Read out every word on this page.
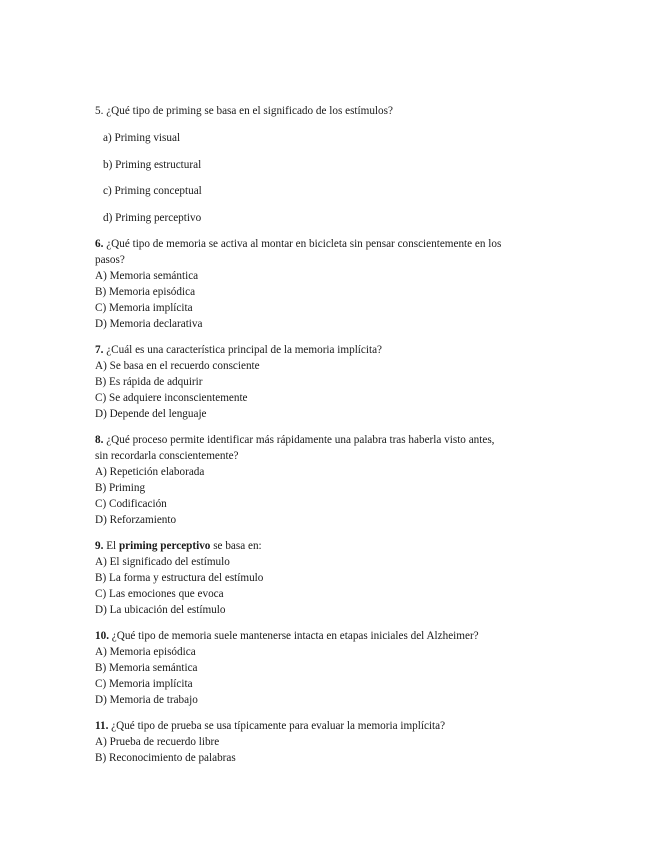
5. ¿Qué tipo de priming se basa en el significado de los estímulos?

a) Priming visual
b) Priming estructural
c) Priming conceptual
d) Priming perceptivo

6. ¿Qué tipo de memoria se activa al montar en bicicleta sin pensar conscientemente en los

pasos?

A) Memoria semántica

B) Memoria episódica

C) Memoria implícita

D) Memoria declarativa

7. ¿Cuál es una característica principal de la memoria implícita?

A) Se basa en el recuerdo consciente

B) Es rápida de adquirir

C) Se adquiere inconscientemente

D) Depende del lenguaje

8. ¿Qué proceso permite identificar más rápidamente una palabra tras haberla visto antes,

sin recordarla conscientemente?

A) Repetición elaborada

B) Priming

C) Codificación

D) Reforzamiento

9. El priming perceptivo se basa en:

A) El significado del estímulo

B) La forma y estructura del estímulo

C) Las emociones que evoca

D) La ubicación del estímulo

10. ¿Qué tipo de memoria suele mantenerse intacta en etapas iniciales del Alzheimer?

A) Memoria episódica

B) Memoria semántica

C) Memoria implícita

D) Memoria de trabajo

11. ¿Qué tipo de prueba se usa típicamente para evaluar la memoria implícita?

A) Prueba de recuerdo libre

B) Reconocimiento de palabras
